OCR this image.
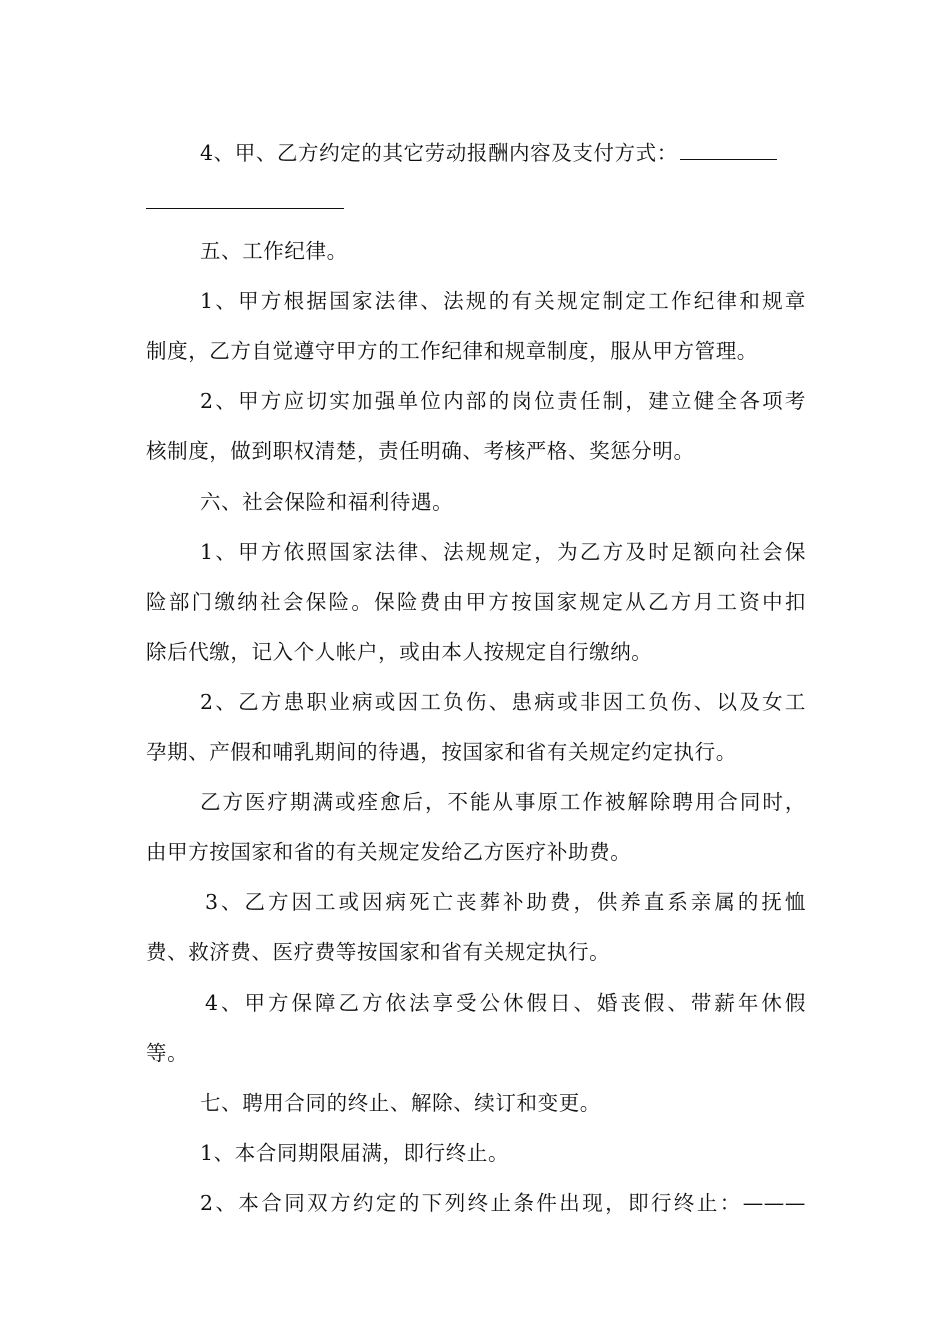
4、甲、乙方约定的其它劳动报酬内容及支付方式：
五、工作纪律。
1、甲方根据国家法律、法规的有关规定制定工作纪律和规章
制度，乙方自觉遵守甲方的工作纪律和规章制度，服从甲方管理。
2、甲方应切实加强单位内部的岗位责任制，建立健全各项考
核制度，做到职权清楚，责任明确、考核严格、奖惩分明。
六、社会保险和福利待遇。
1、甲方依照国家法律、法规规定，为乙方及时足额向社会保
险部门缴纳社会保险。保险费由甲方按国家规定从乙方月工资中扣
除后代缴，记入个人帐户，或由本人按规定自行缴纳。
2、乙方患职业病或因工负伤、患病或非因工负伤、以及女工
孕期、产假和哺乳期间的待遇，按国家和省有关规定约定执行。
乙方医疗期满或痊愈后，不能从事原工作被解除聘用合同时，
由甲方按国家和省的有关规定发给乙方医疗补助费。
3、乙方因工或因病死亡丧葬补助费，供养直系亲属的抚恤
费、救济费、医疗费等按国家和省有关规定执行。
4、甲方保障乙方依法享受公休假日、婚丧假、带薪年休假
等。
七、聘用合同的终止、解除、续订和变更。
1、本合同期限届满，即行终止。
2、本合同双方约定的下列终止条件出现，即行终止：———
